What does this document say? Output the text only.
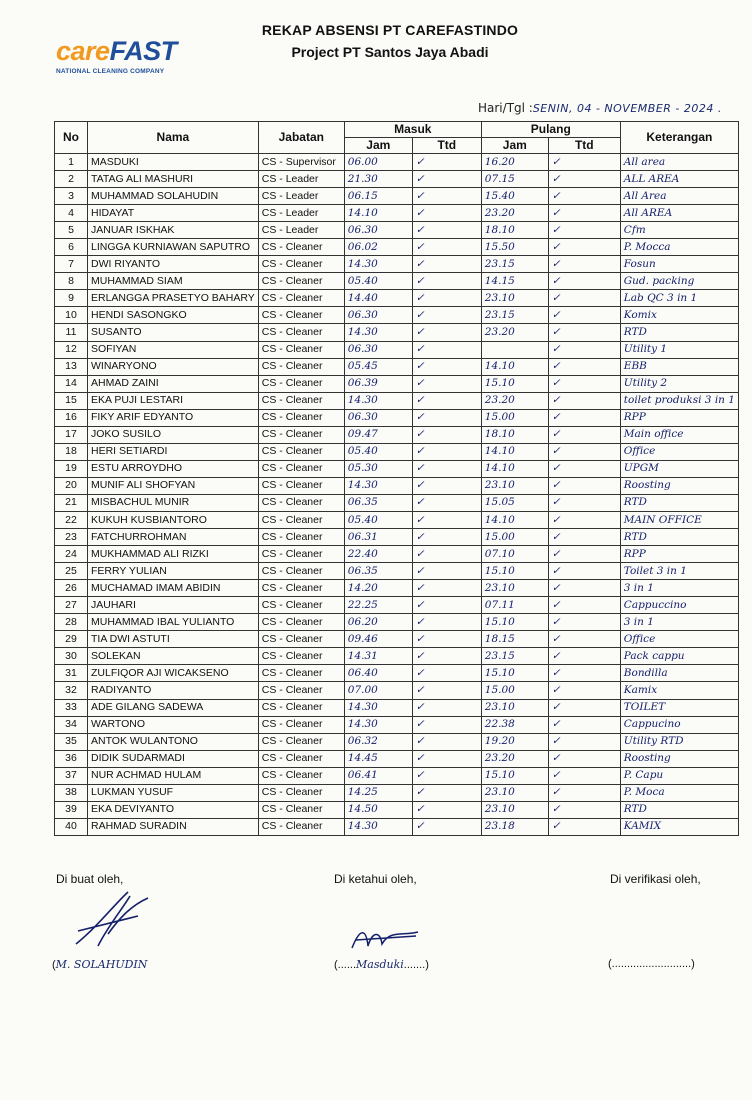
careFAST
NATIONAL CLEANING COMPANY
REKAP ABSENSI PT CAREFASTINDO
Project PT Santos Jaya Abadi
Hari/Tgl :SENIN, 04 - NOVEMBER - 2024 .
No	Nama	Jabatan	Masuk		Pulang		Keterangan
			Jam	Ttd	Jam	Ttd	
1	MASDUKI	CS - Supervisor	06.00	✓	16.20	✓	All area
2	TATAG ALI MASHURI	CS - Leader	21.30	✓	07.15	✓	ALL AREA
3	MUHAMMAD SOLAHUDIN	CS - Leader	06.15	✓	15.40	✓	All Area
4	HIDAYAT	CS - Leader	14.10	✓	23.20	✓	All AREA
5	JANUAR ISKHAK	CS - Leader	06.30	✓	18.10	✓	Cfm
6	LINGGA KURNIAWAN SAPUTRO	CS - Cleaner	06.02	✓	15.50	✓	P. Mocca
7	DWI RIYANTO	CS - Cleaner	14.30	✓	23.15	✓	Fosun
8	MUHAMMAD SIAM	CS - Cleaner	05.40	✓	14.15	✓	Gud. packing
9	ERLANGGA PRASETYO BAHARY	CS - Cleaner	14.40	✓	23.10	✓	Lab QC 3 in 1
10	HENDI SASONGKO	CS - Cleaner	06.30	✓	23.15	✓	Komix
11	SUSANTO	CS - Cleaner	14.30	✓	23.20	✓	RTD
12	SOFIYAN	CS - Cleaner	06.30	✓		✓	Utility 1
13	WINARYONO	CS - Cleaner	05.45	✓	14.10	✓	EBB
14	AHMAD ZAINI	CS - Cleaner	06.39	✓	15.10	✓	Utility 2
15	EKA PUJI LESTARI	CS - Cleaner	14.30	✓	23.20	✓	toilet produksi 3 in 1
16	FIKY ARIF EDYANTO	CS - Cleaner	06.30	✓	15.00	✓	RPP
17	JOKO SUSILO	CS - Cleaner	09.47	✓	18.10	✓	Main office
18	HERI SETIARDI	CS - Cleaner	05.40	✓	14.10	✓	Office
19	ESTU ARROYDHO	CS - Cleaner	05.30	✓	14.10	✓	UPGM
20	MUNIF ALI SHOFYAN	CS - Cleaner	14.30	✓	23.10	✓	Roosting
21	MISBACHUL MUNIR	CS - Cleaner	06.35	✓	15.05	✓	RTD
22	KUKUH KUSBIANTORO	CS - Cleaner	05.40	✓	14.10	✓	MAIN OFFICE
23	FATCHURROHMAN	CS - Cleaner	06.31	✓	15.00	✓	RTD
24	MUKHAMMAD ALI RIZKI	CS - Cleaner	22.40	✓	07.10	✓	RPP
25	FERRY YULIAN	CS - Cleaner	06.35	✓	15.10	✓	Toilet 3 in 1
26	MUCHAMAD IMAM ABIDIN	CS - Cleaner	14.20	✓	23.10	✓	3 in 1
27	JAUHARI	CS - Cleaner	22.25	✓	07.11	✓	Cappuccino
28	MUHAMMAD IBAL YULIANTO	CS - Cleaner	06.20	✓	15.10	✓	3 in 1
29	TIA DWI ASTUTI	CS - Cleaner	09.46	✓	18.15	✓	Office
30	SOLEKAN	CS - Cleaner	14.31	✓	23.15	✓	Pack cappu
31	ZULFIQOR AJI WICAKSENO	CS - Cleaner	06.40	✓	15.10	✓	Bondilla
32	RADIYANTO	CS - Cleaner	07.00	✓	15.00	✓	Kamix
33	ADE GILANG SADEWA	CS - Cleaner	14.30	✓	23.10	✓	TOILET
34	WARTONO	CS - Cleaner	14.30	✓	22.38	✓	Cappucino
35	ANTOK WULANTONO	CS - Cleaner	06.32	✓	19.20	✓	Utility RTD
36	DIDIK SUDARMADI	CS - Cleaner	14.45	✓	23.20	✓	Roosting
37	NUR ACHMAD HULAM	CS - Cleaner	06.41	✓	15.10	✓	P. Capu
38	LUKMAN YUSUF	CS - Cleaner	14.25	✓	23.10	✓	P. Moca
39	EKA DEVIYANTO	CS - Cleaner	14.50	✓	23.10	✓	RTD
40	RAHMAD SURADIN	CS - Cleaner	14.30	✓	23.18	✓	KAMIX
Di buat oleh,	Di ketahui oleh,	Di verifikasi oleh,
(M. SOLAHUDIN	(......Masduki.......)	(..........................)
